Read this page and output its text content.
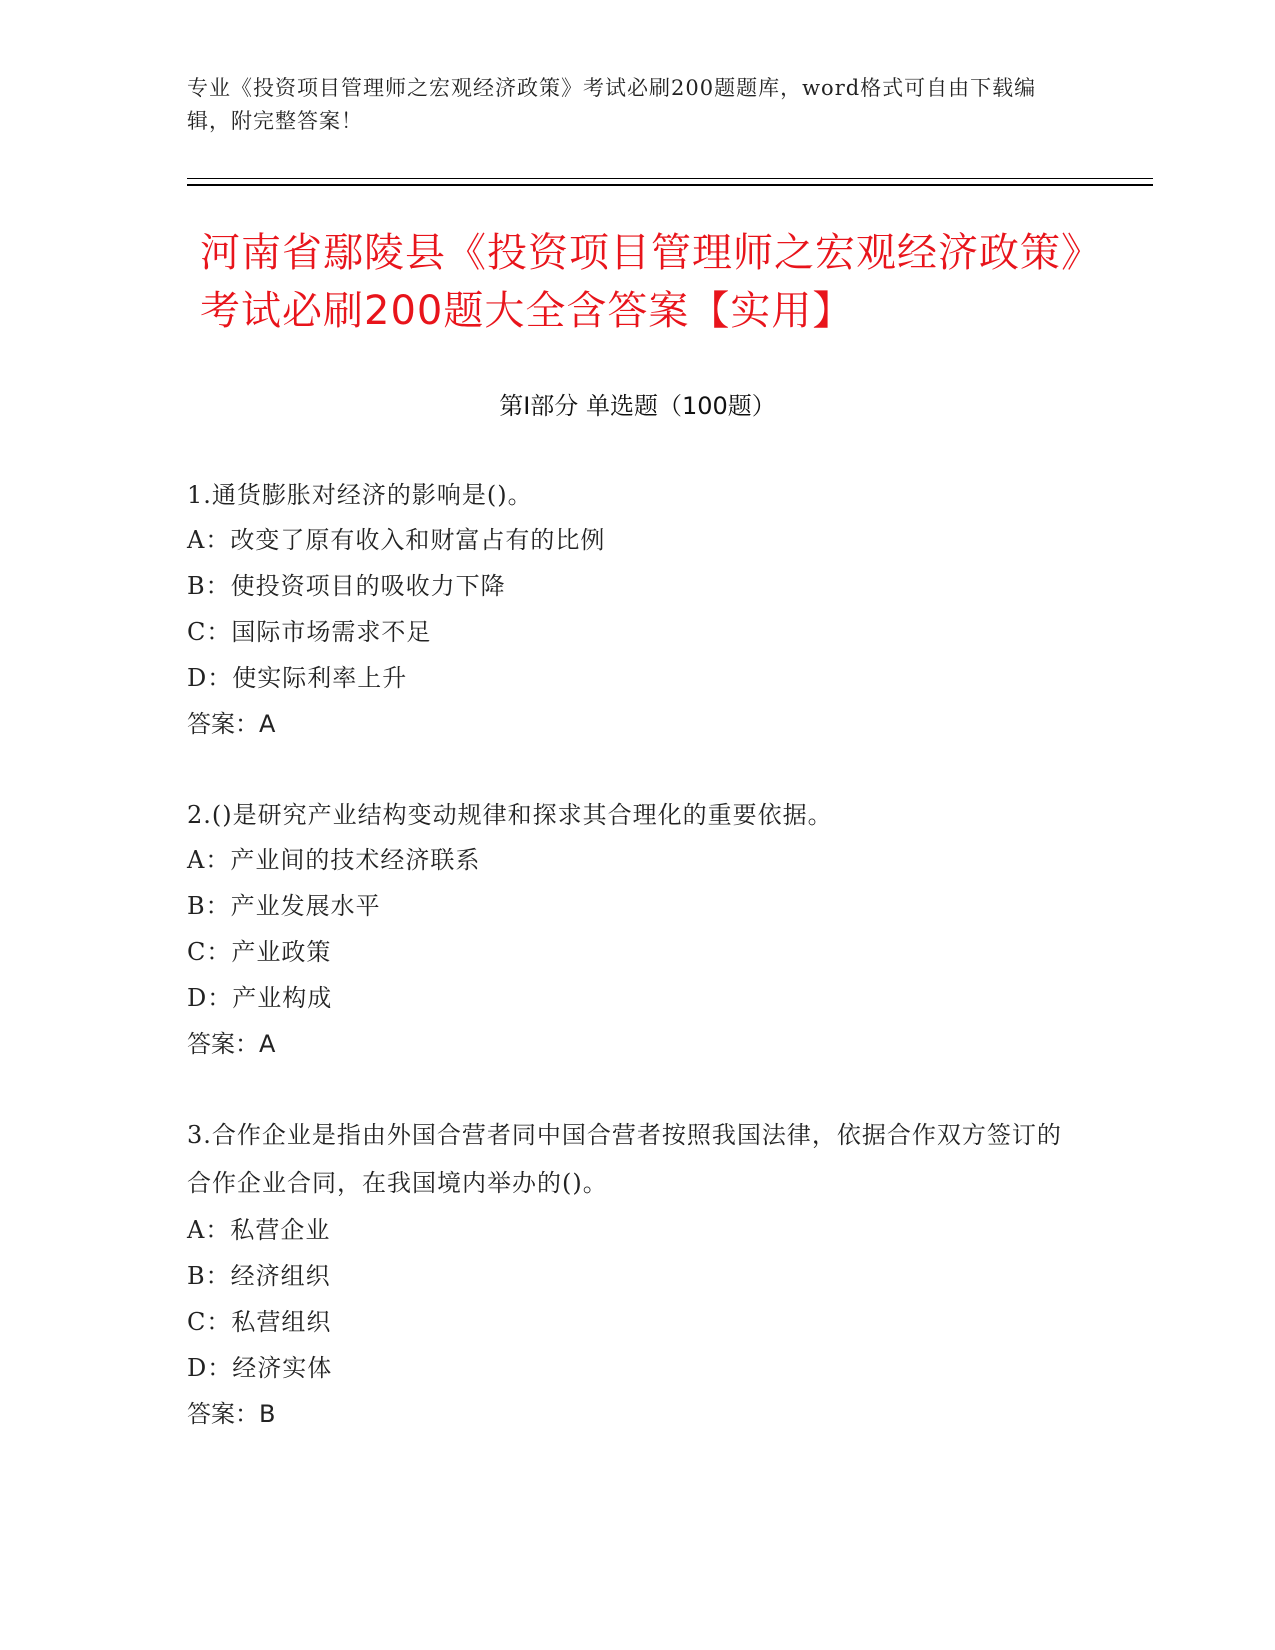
专业《投资项目管理师之宏观经济政策》考试必刷200题题库，word格式可自由下载编辑，附完整答案！
河南省鄢陵县《投资项目管理师之宏观经济政策》考试必刷200题大全含答案【实用】
第I部分 单选题（100题）
1.通货膨胀对经济的影响是()。
A：改变了原有收入和财富占有的比例
B：使投资项目的吸收力下降
C：国际市场需求不足
D：使实际利率上升
答案：A
2.()是研究产业结构变动规律和探求其合理化的重要依据。
A：产业间的技术经济联系
B：产业发展水平
C：产业政策
D：产业构成
答案：A
3.合作企业是指由外国合营者同中国合营者按照我国法律，依据合作双方签订的合作企业合同，在我国境内举办的()。
A：私营企业
B：经济组织
C：私营组织
D：经济实体
答案：B
